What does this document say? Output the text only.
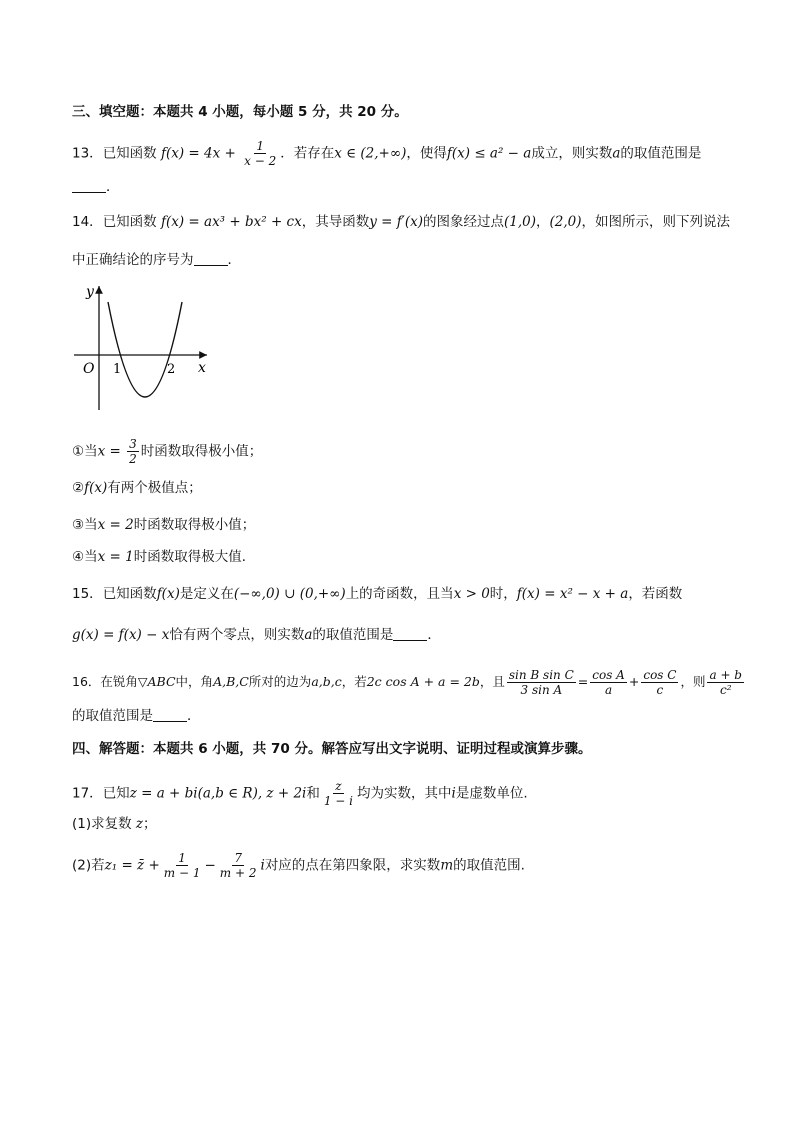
三、填空题：本题共 4 小题，每小题 5 分，共 20 分。
13．已知函数 $f(x) = 4x + \frac{1}{x - 2}$ ．若存在x ∈ (2,+∞)，使得f(x) ≤ a² − a成立，则实数a的取值范围是
．
14．已知函数 f(x) = ax³ + bx² + cx，其导函数y = f′(x)的图象经过点(1,0)，(2,0)，如图所示，则下列说法
中正确结论的序号为	．
y
x
O 1	2
①当$x = \frac{3}{2}$ 时函数取得极小值；
②f(x)有两个极值点；
③当x = 2时函数取得极小值；
④当x = 1时函数取得极大值．
15．已知函数f(x)是定义在(−∞,0) ∪ (0,+∞)上的奇函数，且当x > 0时，f(x) = x² − x + a，若函数
g(x) = f(x) − x恰有两个零点，则实数a的取值范围是	．
16．在锐角▽ABC中，角A,B,C所对的边为a,b,c，若2c cos A + a = 2b，且 $\frac{\text{sin B sin C}}{\text{3 sin A}} = \frac{\text{cos A}}{a} + \frac{\text{cos C}}{c}$ ，则 $\frac{a + b}{\text{c²}}$
的取值范围是	．
四、解答题：本题共 6 小题，共 70 分。解答应写出文字说明、证明过程或演算步骤。
17．已知z = a + bi(a,b ∈ R), z + 2i和 $\frac{z}{1 - i}$ 均为实数，其中i是虚数单位.
(1)求复数 z；
(2)若z₁ = z̄ + $\frac{1}{m - 1} - \frac{7}{m + 2}$ i对应的点在第四象限，求实数m的取值范围.
